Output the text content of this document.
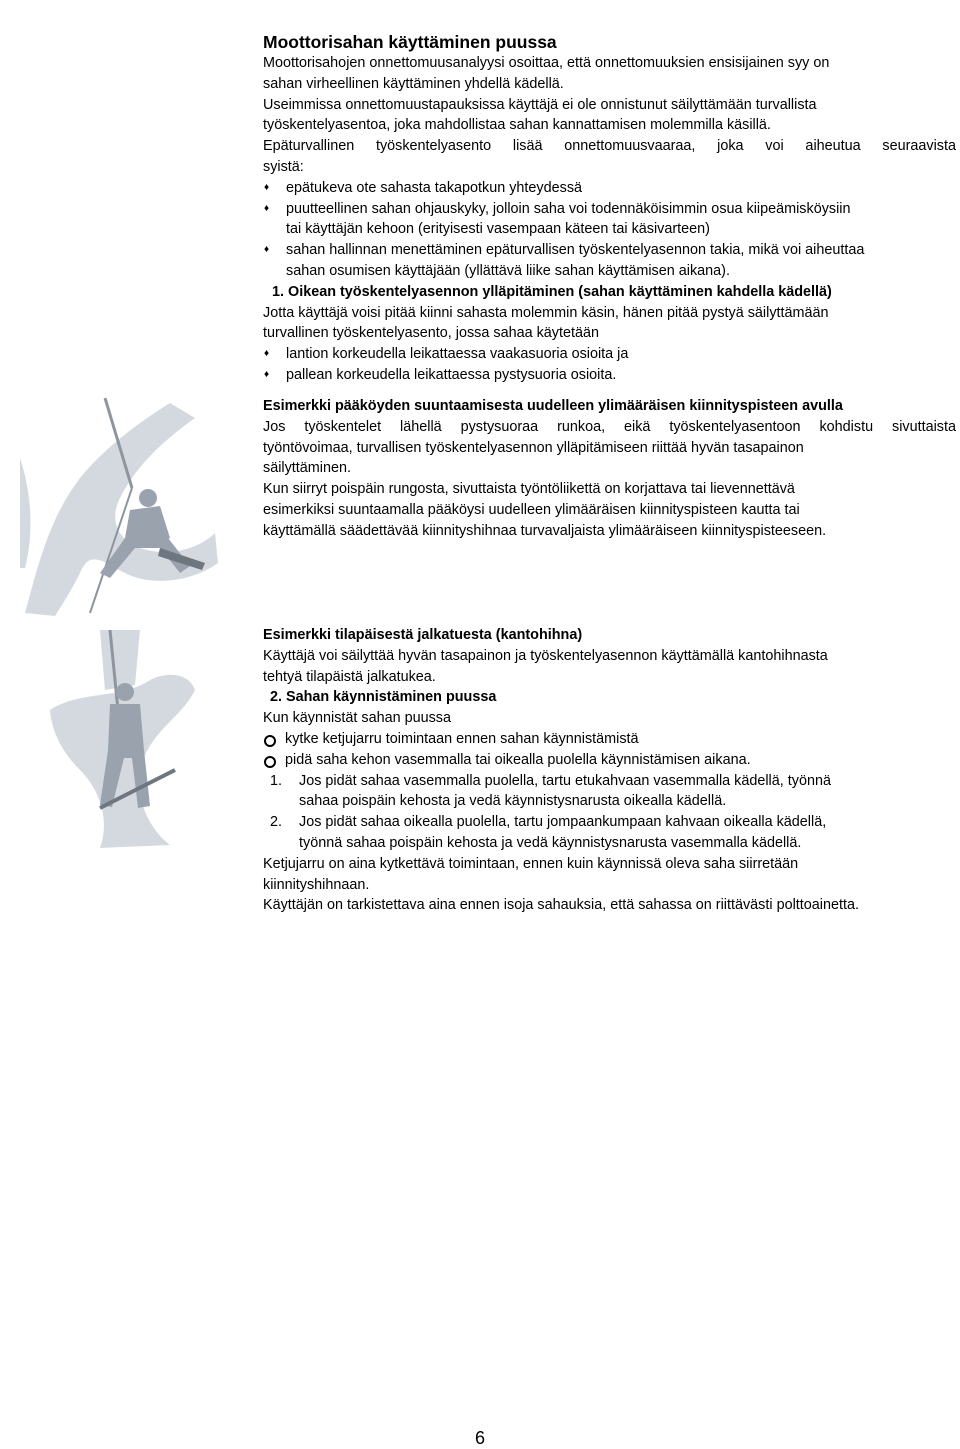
Moottorisahan käyttäminen puussa
Moottorisahojen onnettomuusanalyysi osoittaa, että onnettomuuksien ensisijainen syy on
sahan virheellinen käyttäminen yhdellä kädellä.
Useimmissa onnettomuustapauksissa käyttäjä ei ole onnistunut säilyttämään turvallista
työskentelyasentoa, joka mahdollistaa sahan kannattamisen molemmilla käsillä.
Epäturvallinen työskentelyasento lisää onnettomuusvaaraa, joka voi aiheutua seuraavista
syistä:
♦ epätukeva ote sahasta takapotkun yhteydessä
♦ puutteellinen sahan ohjauskyky, jolloin saha voi todennäköisimmin osua kiipeämisköysiin
tai käyttäjän kehoon (erityisesti vasempaan käteen tai käsivarteen)
♦ sahan hallinnan menettäminen epäturvallisen työskentelyasennon takia, mikä voi aiheuttaa
sahan osumisen käyttäjään (yllättävä liike sahan käyttämisen aikana).
1. Oikean työskentelyasennon ylläpitäminen (sahan käyttäminen kahdella kädellä)
Jotta käyttäjä voisi pitää kiinni sahasta molemmin käsin, hänen pitää pystyä säilyttämään
turvallinen työskentelyasento, jossa sahaa käytetään
♦ lantion korkeudella leikattaessa vaakasuoria osioita ja
♦ pallean korkeudella leikattaessa pystysuoria osioita.
Esimerkki pääköyden suuntaamisesta uudelleen ylimääräisen kiinnityspisteen avulla
Jos työskentelet lähellä pystysuoraa runkoa, eikä työskentelyasentoon kohdistu sivuttaista
työntövoimaa, turvallisen työskentelyasennon ylläpitämiseen riittää hyvän tasapainon
säilyttäminen.
Kun siirryt poispäin rungosta, sivuttaista työntöliikettä on korjattava tai lievennettävä
esimerkiksi suuntaamalla pääköysi uudelleen ylimääräisen kiinnityspisteen kautta tai
käyttämällä säädettävää kiinnityshihnaa turvavaljaista ylimääräiseen kiinnityspisteeseen.
Esimerkki tilapäisestä jalkatuesta (kantohihna)
Käyttäjä voi säilyttää hyvän tasapainon ja työskentelyasennon käyttämällä kantohihnasta
tehtyä tilapäistä jalkatukea.
2. Sahan käynnistäminen puussa
Kun käynnistät sahan puussa
kytke ketjujarru toimintaan ennen sahan käynnistämistä
pidä saha kehon vasemmalla tai oikealla puolella käynnistämisen aikana.
1. Jos pidät sahaa vasemmalla puolella, tartu etukahvaan vasemmalla kädellä, työnnä
sahaa poispäin kehosta ja vedä käynnistysnarusta oikealla kädellä.
2. Jos pidät sahaa oikealla puolella, tartu jompaankumpaan kahvaan oikealla kädellä,
työnnä sahaa poispäin kehosta ja vedä käynnistysnarusta vasemmalla kädellä.
Ketjujarru on aina kytkettävä toimintaan, ennen kuin käynnissä oleva saha siirretään
kiinnityshihnaan.
Käyttäjän on tarkistettava aina ennen isoja sahauksia, että sahassa on riittävästi polttoainetta.
6
